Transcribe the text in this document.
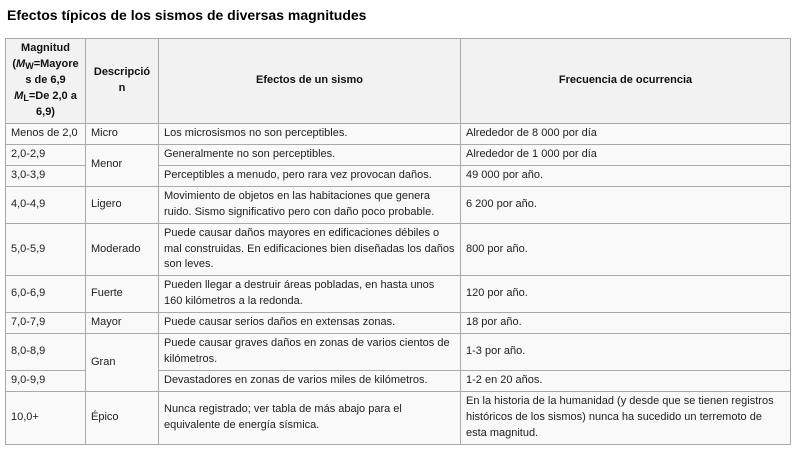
Efectos típicos de los sismos de diversas magnitudes
Magnitud (MW=Mayores de 6,9 ML=De 2,0 a 6,9)	Descripción	Efectos de un sismo	Frecuencia de ocurrencia
Menos de 2,0	Micro	Los microsismos no son perceptibles.	Alrededor de 8 000 por día
2,0-2,9	Menor	Generalmente no son perceptibles.	Alrededor de 1 000 por día
3,0-3,9		Perceptibles a menudo, pero rara vez provocan daños.	49 000 por año.
4,0-4,9	Ligero	Movimiento de objetos en las habitaciones que genera ruido. Sismo significativo pero con daño poco probable.	6 200 por año.
5,0-5,9	Moderado	Puede causar daños mayores en edificaciones débiles o mal construidas. En edificaciones bien diseñadas los daños son leves.	800 por año.
6,0-6,9	Fuerte	Pueden llegar a destruir áreas pobladas, en hasta unos 160 kilómetros a la redonda.	120 por año.
7,0-7,9	Mayor	Puede causar serios daños en extensas zonas.	18 por año.
8,0-8,9	Gran	Puede causar graves daños en zonas de varios cientos de kilómetros.	1-3 por año.
9,0-9,9		Devastadores en zonas de varios miles de kilómetros.	1-2 en 20 años.
10,0+	Épico	Nunca registrado; ver tabla de más abajo para el equivalente de energía sísmica.	En la historia de la humanidad (y desde que se tienen registros históricos de los sismos) nunca ha sucedido un terremoto de esta magnitud.
